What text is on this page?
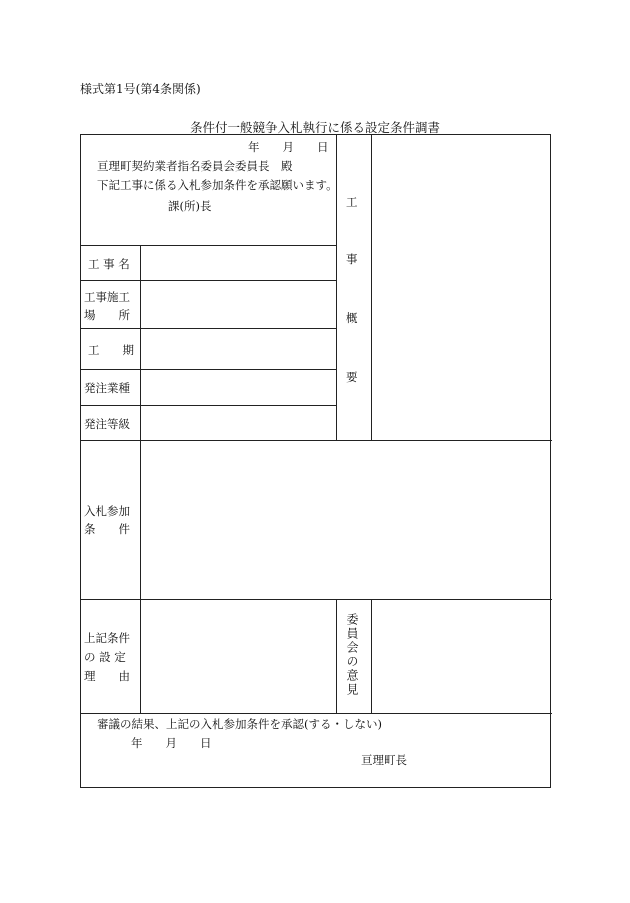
様式第1号(第4条関係)
条件付一般競争入札執行に係る設定条件調書
年　　月　　日
亘理町契約業者指名委員会委員長　殿
下記工事に係る入札参加条件を承認願います。
課(所)長	工
事
概
要
工 事 名
工事施工
場　　所
工　　期
発注業種
発注等級
入札参加
条　　件
上記条件
の 設 定
理　　由	委員会の意見
審議の結果、上記の入札参加条件を承認(する・しない)
年　　月　　日
亘理町長
